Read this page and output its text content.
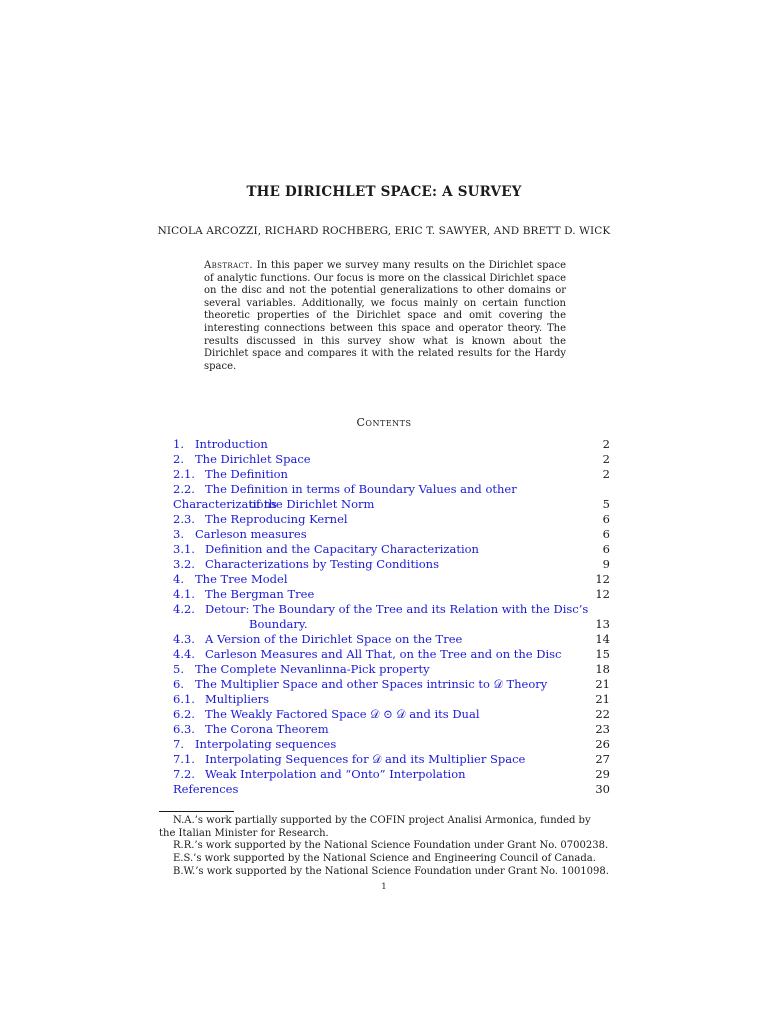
THE DIRICHLET SPACE: A SURVEY
NICOLA ARCOZZI, RICHARD ROCHBERG, ERIC T. SAWYER, AND BRETT D. WICK
Abstract. In this paper we survey many results on the Dirichlet space of analytic functions. Our focus is more on the classical Dirichlet space on the disc and not the potential generalizations to other domains or several variables. Additionally, we focus mainly on certain function theoretic properties of the Dirichlet space and omit covering the interesting connections between this space and operator theory. The results discussed in this survey show what is known about the Dirichlet space and compares it with the related results for the Hardy space.
Contents
1. Introduction	2
2. The Dirichlet Space	2
2.1. The Definition	2
2.2. The Definition in terms of Boundary Values and other Characterizations
of the Dirichlet Norm	5
2.3. The Reproducing Kernel	6
3. Carleson measures	6
3.1. Definition and the Capacitary Characterization	6
3.2. Characterizations by Testing Conditions	9
4. The Tree Model	12
4.1. The Bergman Tree	12
4.2. Detour: The Boundary of the Tree and its Relation with the Disc’s
Boundary.	13
4.3. A Version of the Dirichlet Space on the Tree	14
4.4. Carleson Measures and All That, on the Tree and on the Disc	15
5. The Complete Nevanlinna-Pick property	18
6. The Multiplier Space and other Spaces intrinsic to 𝒟 Theory	21
6.1. Multipliers	21
6.2. The Weakly Factored Space 𝒟 ⊙ 𝒟 and its Dual	22
6.3. The Corona Theorem	23
7. Interpolating sequences	26
7.1. Interpolating Sequences for 𝒟 and its Multiplier Space	27
7.2. Weak Interpolation and “Onto” Interpolation	29
References	30
N.A.’s work partially supported by the COFIN project Analisi Armonica, funded by the Italian Minister for Research.
R.R.’s work supported by the National Science Foundation under Grant No. 0700238.
E.S.’s work supported by the National Science and Engineering Council of Canada.
B.W.’s work supported by the National Science Foundation under Grant No. 1001098.
1
